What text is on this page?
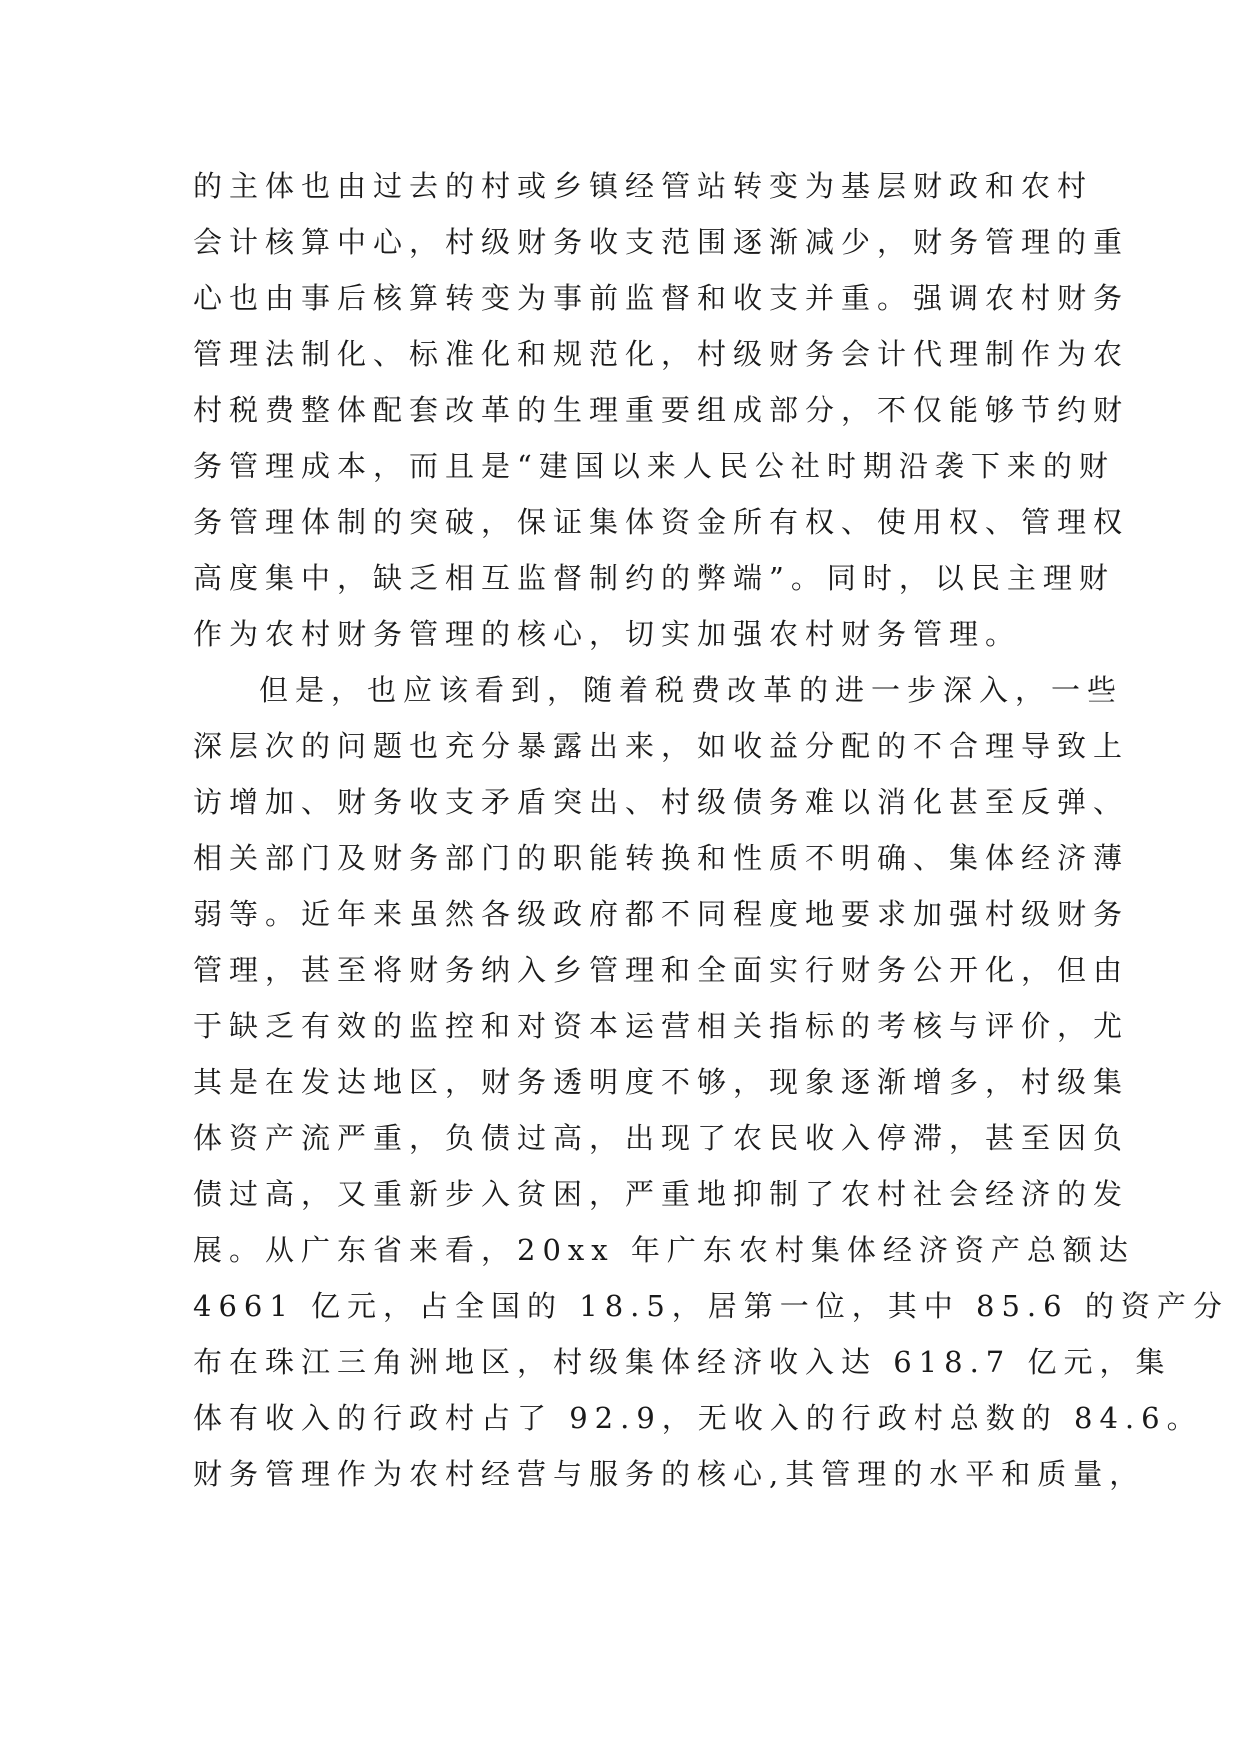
的主体也由过去的村或乡镇经管站转变为基层财政和农村
会计核算中心，村级财务收支范围逐渐减少，财务管理的重
心也由事后核算转变为事前监督和收支并重。强调农村财务
管理法制化、标准化和规范化，村级财务会计代理制作为农
村税费整体配套改革的生理重要组成部分，不仅能够节约财
务管理成本，而且是“建国以来人民公社时期沿袭下来的财
务管理体制的突破，保证集体资金所有权、使用权、管理权
高度集中，缺乏相互监督制约的弊端”。同时，以民主理财
作为农村财务管理的核心，切实加强农村财务管理。
但是，也应该看到，随着税费改革的进一步深入，一些
深层次的问题也充分暴露出来，如收益分配的不合理导致上
访增加、财务收支矛盾突出、村级债务难以消化甚至反弹、
相关部门及财务部门的职能转换和性质不明确、集体经济薄
弱等。近年来虽然各级政府都不同程度地要求加强村级财务
管理，甚至将财务纳入乡管理和全面实行财务公开化，但由
于缺乏有效的监控和对资本运营相关指标的考核与评价，尤
其是在发达地区，财务透明度不够，现象逐渐增多，村级集
体资产流严重，负债过高，出现了农民收入停滞，甚至因负
债过高，又重新步入贫困，严重地抑制了农村社会经济的发
展。从广东省来看，20xx 年广东农村集体经济资产总额达
4661 亿元，占全国的 18.5，居第一位，其中 85.6 的资产分
布在珠江三角洲地区，村级集体经济收入达 618.7 亿元，集
体有收入的行政村占了 92.9，无收入的行政村总数的 84.6。
财务管理作为农村经营与服务的核心,其管理的水平和质量，
